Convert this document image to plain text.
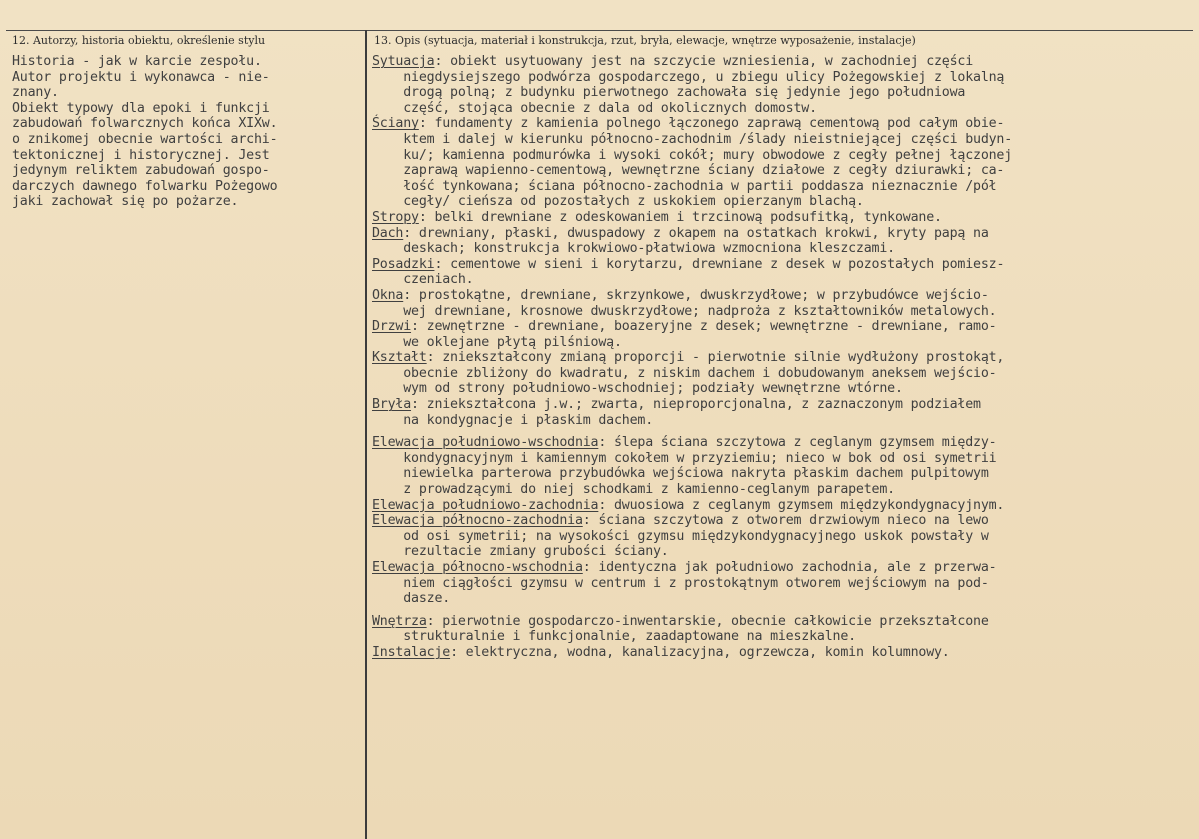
12. Autorzy, historia obiektu, określenie stylu	13. Opis (sytuacja, materiał i konstrukcja, rzut, bryła, elewacje, wnętrze wyposażenie, instalacje)
Historia - jak w karcie zespołu.
Autor projektu i wykonawca - nie-
znany.
Obiekt typowy dla epoki i funkcji
zabudowań folwarcznych końca XIXw.
o znikomej obecnie wartości archi-
tektonicznej i historycznej. Jest
jedynym reliktem zabudowań gospo-
darczych dawnego folwarku Pożegowo
jaki zachował się po pożarze.
Sytuacja: obiekt usytuowany jest na szczycie wzniesienia, w zachodniej części
niegdysiejszego podwórza gospodarczego, u zbiegu ulicy Pożegowskiej z lokalną
drogą polną; z budynku pierwotnego zachowała się jedynie jego południowa
część, stojąca obecnie z dala od okolicznych domostw.
Ściany: fundamenty z kamienia polnego łączonego zaprawą cementową pod całym obie-
ktem i dalej w kierunku północno-zachodnim /ślady nieistniejącej części budyn-
ku/; kamienna podmurówka i wysoki cokół; mury obwodowe z cegły pełnej łączonej
zaprawą wapienno-cementową, wewnętrzne ściany działowe z cegły dziurawki; ca-
łość tynkowana; ściana północno-zachodnia w partii poddasza nieznacznie /pół
cegły/ cieńsza od pozostałych z uskokiem opierzanym blachą.
Stropy: belki drewniane z odeskowaniem i trzcinową podsufitką, tynkowane.
Dach: drewniany, płaski, dwuspadowy z okapem na ostatkach krokwi, kryty papą na
deskach; konstrukcja krokwiowo-płatwiowa wzmocniona kleszczami.
Posadzki: cementowe w sieni i korytarzu, drewniane z desek w pozostałych pomiesz-
czeniach.
Okna: prostokątne, drewniane, skrzynkowe, dwuskrzydłowe; w przybudówce wejścio-
wej drewniane, krosnowe dwuskrzydłowe; nadproża z kształtowników metalowych.
Drzwi: zewnętrzne - drewniane, boazeryjne z desek; wewnętrzne - drewniane, ramo-
we oklejane płytą pilśniową.
Kształt: zniekształcony zmianą proporcji - pierwotnie silnie wydłużony prostokąt,
obecnie zbliżony do kwadratu, z niskim dachem i dobudowanym aneksem wejścio-
wym od strony południowo-wschodniej; podziały wewnętrzne wtórne.
Bryła: zniekształcona j.w.; zwarta, nieproporcjonalna, z zaznaczonym podziałem
na kondygnacje i płaskim dachem.
Elewacja południowo-wschodnia: ślepa ściana szczytowa z ceglanym gzymsem między-
kondygnacyjnym i kamiennym cokołem w przyziemiu; nieco w bok od osi symetrii
niewielka parterowa przybudówka wejściowa nakryta płaskim dachem pulpitowym
z prowadzącymi do niej schodkami z kamienno-ceglanym parapetem.
Elewacja południowo-zachodnia: dwuosiowa z ceglanym gzymsem międzykondygnacyjnym.
Elewacja północno-zachodnia: ściana szczytowa z otworem drzwiowym nieco na lewo
od osi symetrii; na wysokości gzymsu międzykondygnacyjnego uskok powstały w
rezultacie zmiany grubości ściany.
Elewacja północno-wschodnia: identyczna jak południowo zachodnia, ale z przerwa-
niem ciągłości gzymsu w centrum i z prostokątnym otworem wejściowym na pod-
dasze.
Wnętrza: pierwotnie gospodarczo-inwentarskie, obecnie całkowicie przekształcone
strukturalnie i funkcjonalnie, zaadaptowane na mieszkalne.
Instalacje: elektryczna, wodna, kanalizacyjna, ogrzewcza, komin kolumnowy.
